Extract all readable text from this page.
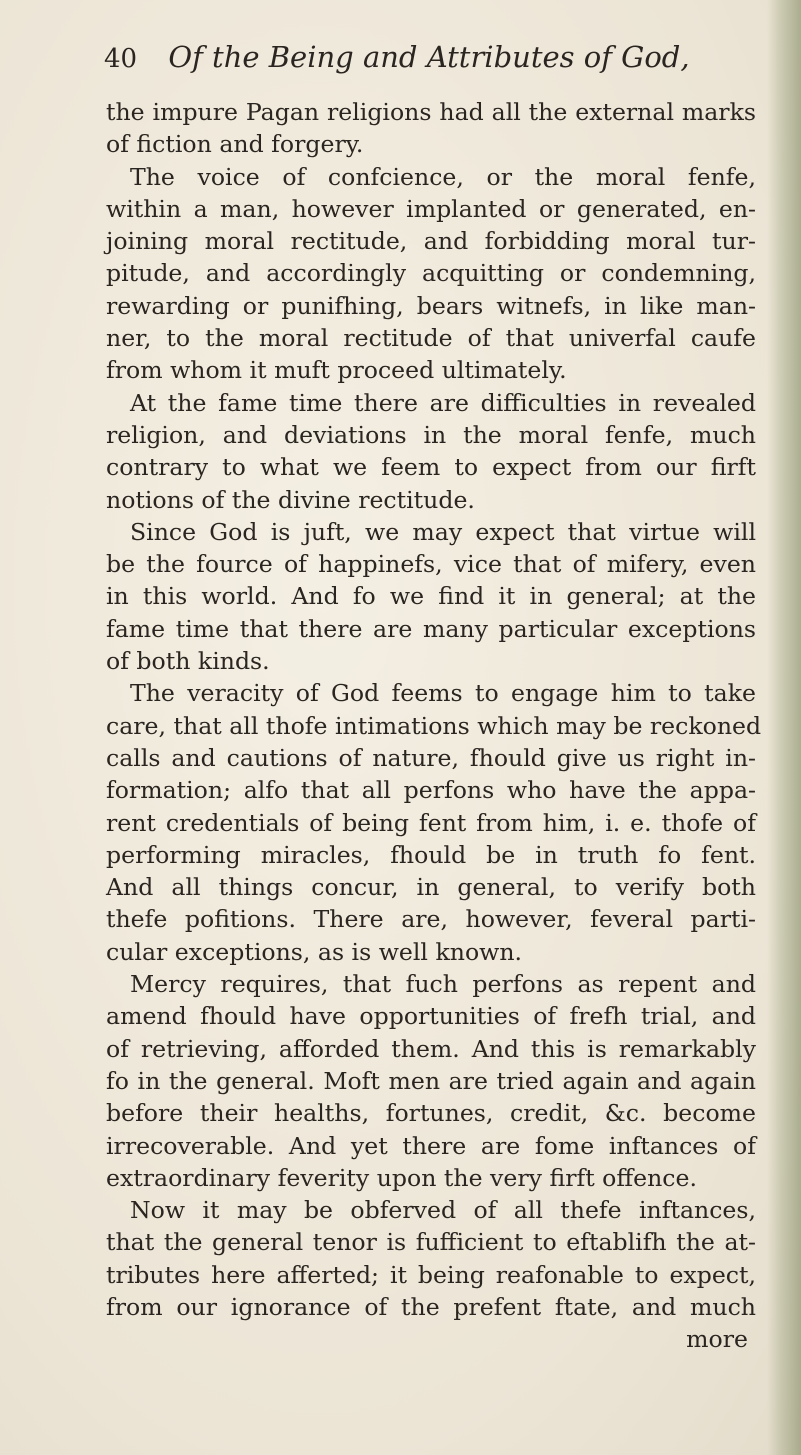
40 Of the Being and Attributes of God,
the impure Pagan religions had all the external marks
of fiction and forgery.
The voice of confcience, or the moral fenfe,
within a man, however implanted or generated, en-
joining moral rectitude, and forbidding moral tur-
pitude, and accordingly acquitting or condemning,
rewarding or punifhing, bears witnefs, in like man-
ner, to the moral rectitude of that univerfal caufe
from whom it muft proceed ultimately.
At the fame time there are difficulties in revealed
religion, and deviations in the moral fenfe, much
contrary to what we feem to expect from our firft
notions of the divine rectitude.
Since God is juft, we may expect that virtue will
be the fource of happinefs, vice that of mifery, even
in this world. And fo we find it in general; at the
fame time that there are many particular exceptions
of both kinds.
The veracity of God feems to engage him to take
care, that all thofe intimations which may be reckoned
calls and cautions of nature, fhould give us right in-
formation; alfo that all perfons who have the appa-
rent credentials of being fent from him, i. e. thofe of
performing miracles, fhould be in truth fo fent.
And all things concur, in general, to verify both
thefe pofitions. There are, however, feveral parti-
cular exceptions, as is well known.
Mercy requires, that fuch perfons as repent and
amend fhould have opportunities of frefh trial, and
of retrieving, afforded them. And this is remarkably
fo in the general. Moft men are tried again and again
before their healths, fortunes, credit, &c. become
irrecoverable. And yet there are fome inftances of
extraordinary feverity upon the very firft offence.
Now it may be obferved of all thefe inftances,
that the general tenor is fufficient to eftablifh the at-
tributes here afferted; it being reafonable to expect,
from our ignorance of the prefent ftate, and much
more
